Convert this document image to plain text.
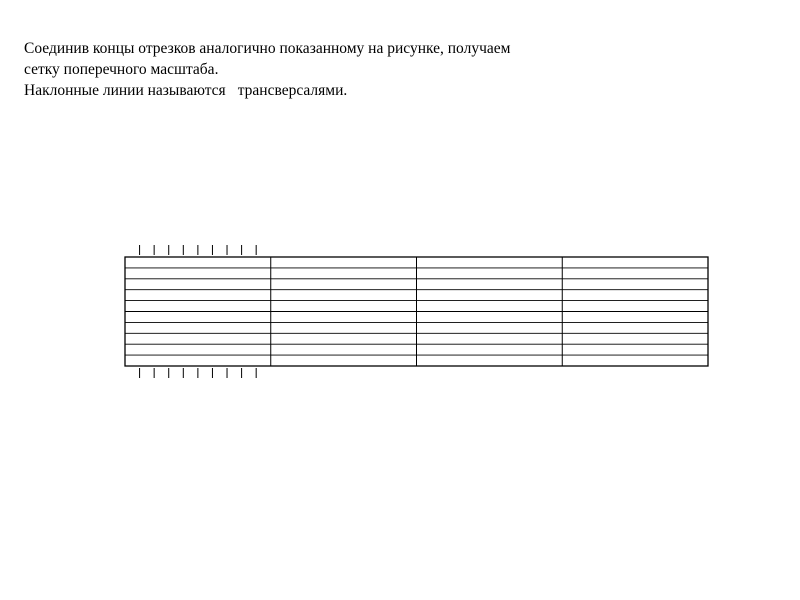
Соединив концы отрезков аналогично показанному на рисунке, получаем
сетку поперечного масштаба.
Наклонные линии называются трансверсалями.
